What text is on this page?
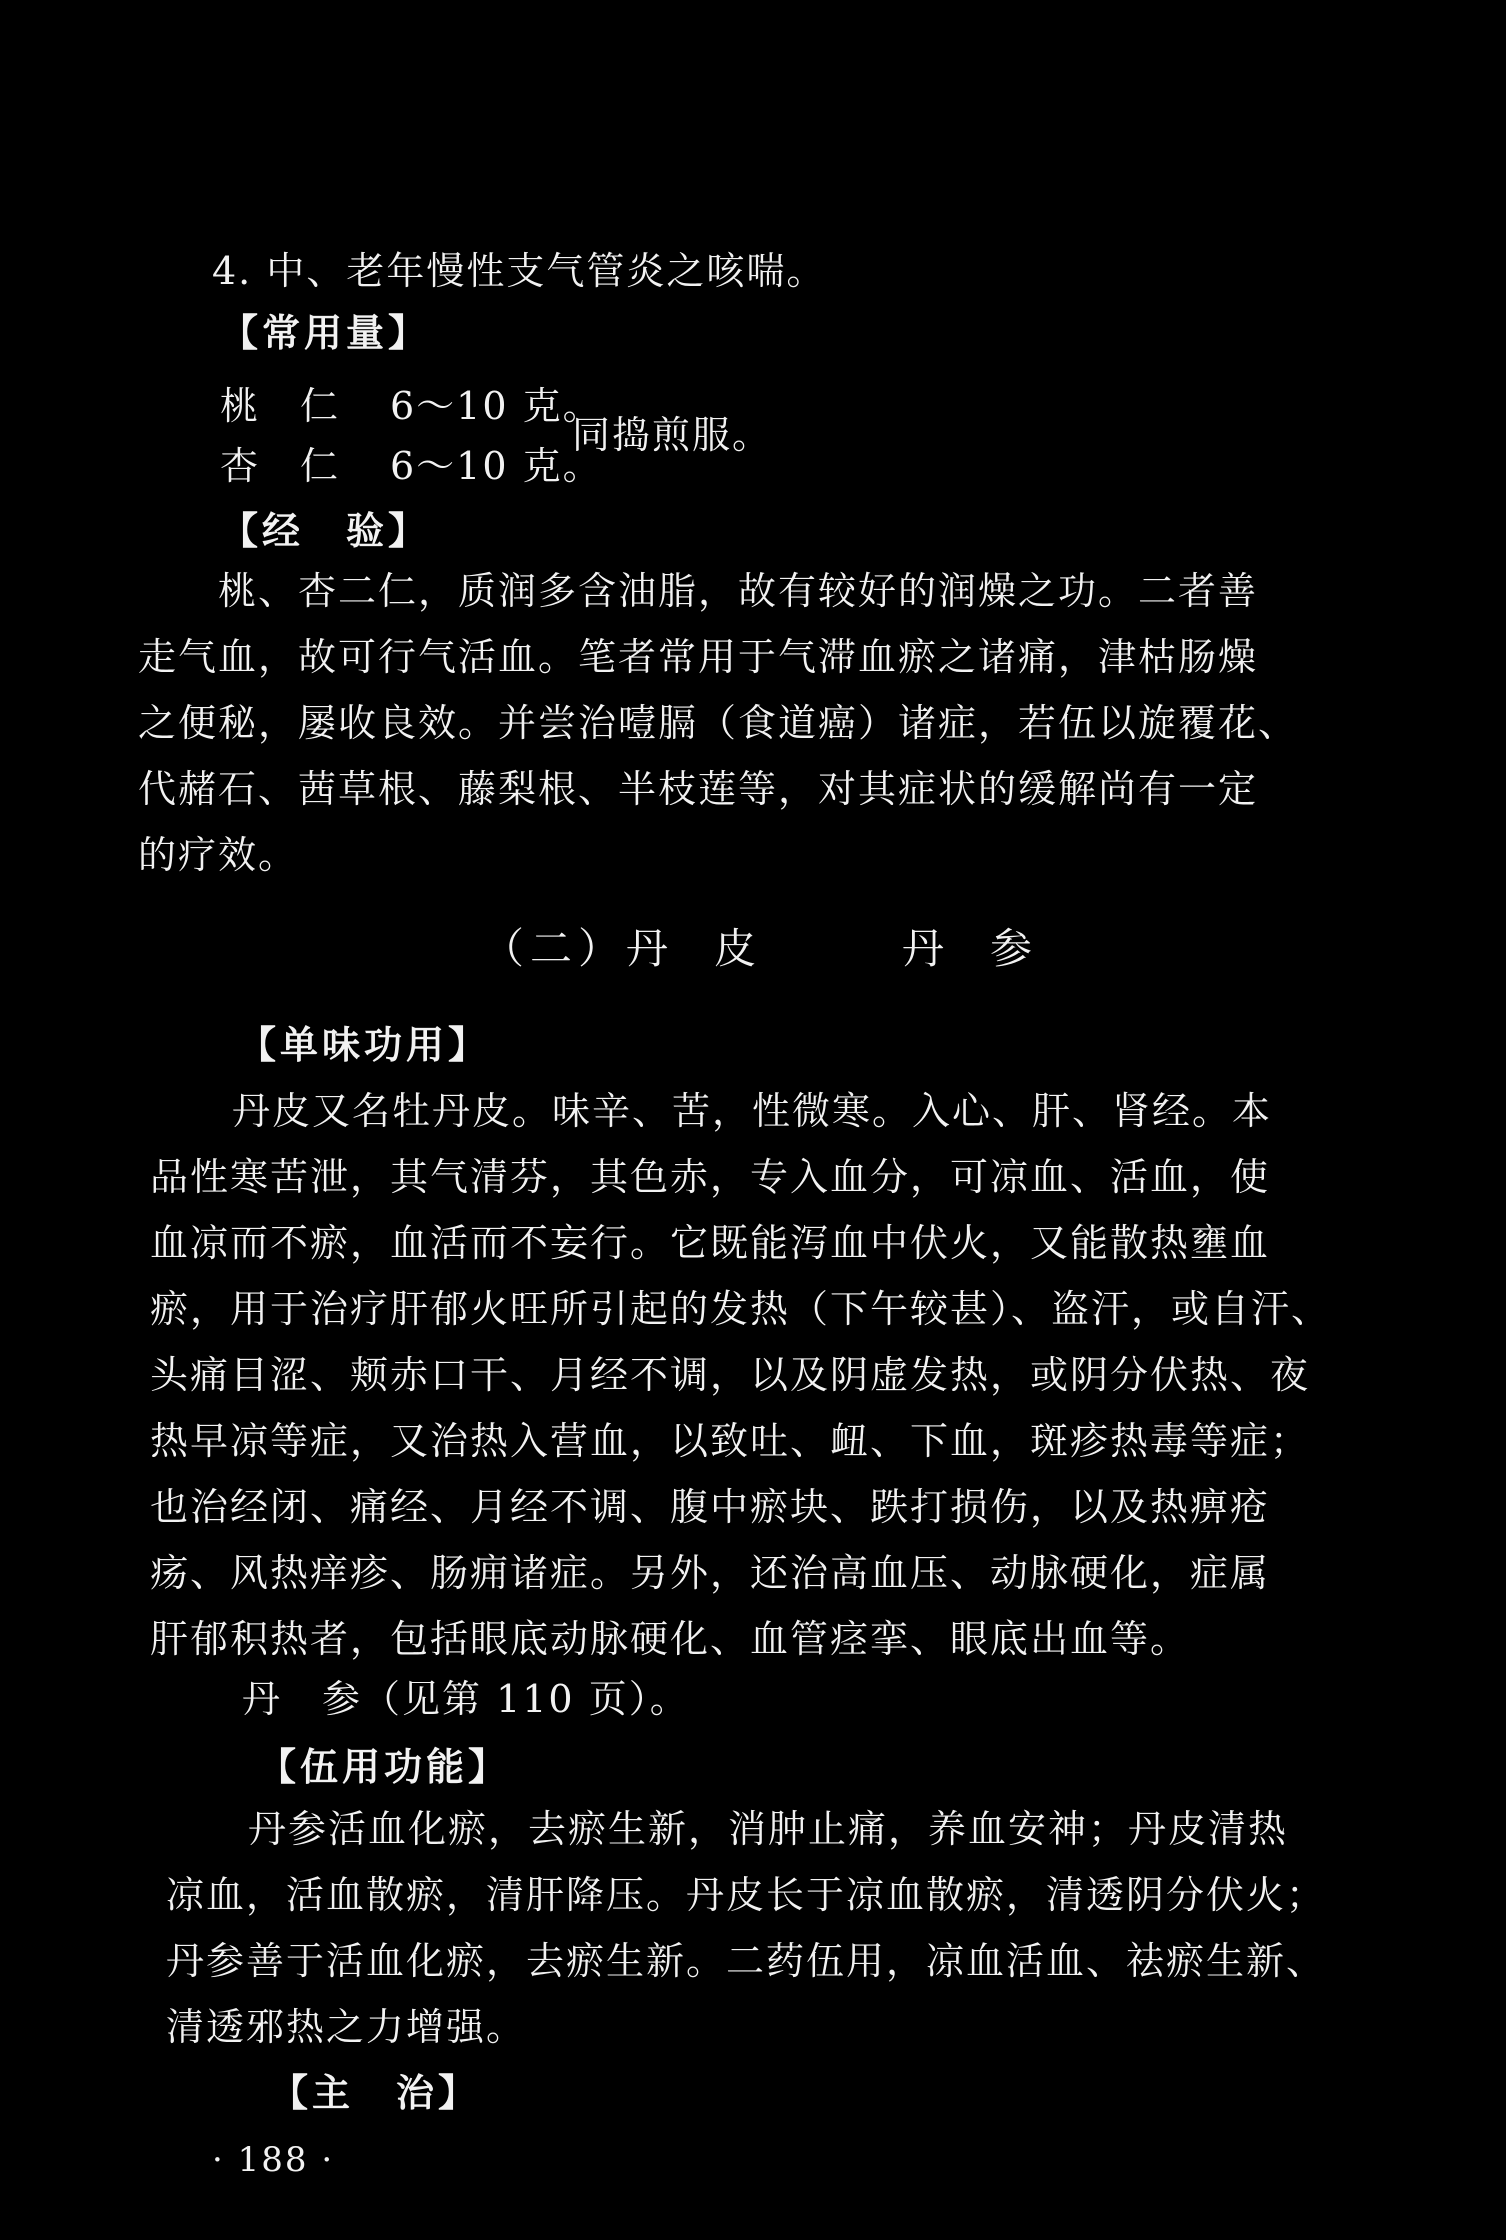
4. 中、老年慢性支气管炎之咳喘。
【常用量】
桃　仁 6～10 克。
杏　仁 6～10 克。
同捣煎服。
【经　验】
桃、杏二仁，质润多含油脂，故有较好的润燥之功。二者善
走气血，故可行气活血。笔者常用于气滞血瘀之诸痛，津枯肠燥
之便秘，屡收良效。并尝治噎膈（食道癌）诸症，若伍以旋覆花、
代赭石、茜草根、藤梨根、半枝莲等，对其症状的缓解尚有一定
的疗效。
（二）丹 皮	丹 参
【单味功用】
丹皮又名牡丹皮。味辛、苦，性微寒。入心、肝、肾经。本
品性寒苦泄，其气清芬，其色赤，专入血分，可凉血、活血，使
血凉而不瘀，血活而不妄行。它既能泻血中伏火，又能散热壅血
瘀，用于治疗肝郁火旺所引起的发热（下午较甚）、盗汗，或自汗、
头痛目涩、颊赤口干、月经不调，以及阴虚发热，或阴分伏热、夜
热早凉等症，又治热入营血，以致吐、衄、下血，斑疹热毒等症；
也治经闭、痛经、月经不调、腹中瘀块、跌打损伤，以及热痹疮
疡、风热痒疹、肠痈诸症。另外，还治高血压、动脉硬化，症属
肝郁积热者，包括眼底动脉硬化、血管痉挛、眼底出血等。
丹　参（见第 110 页）。
【伍用功能】
丹参活血化瘀，去瘀生新，消肿止痛，养血安神；丹皮清热
凉血，活血散瘀，清肝降压。丹皮长于凉血散瘀，清透阴分伏火；
丹参善于活血化瘀，去瘀生新。二药伍用，凉血活血、祛瘀生新、
清透邪热之力增强。
【主　治】
· 188 ·
